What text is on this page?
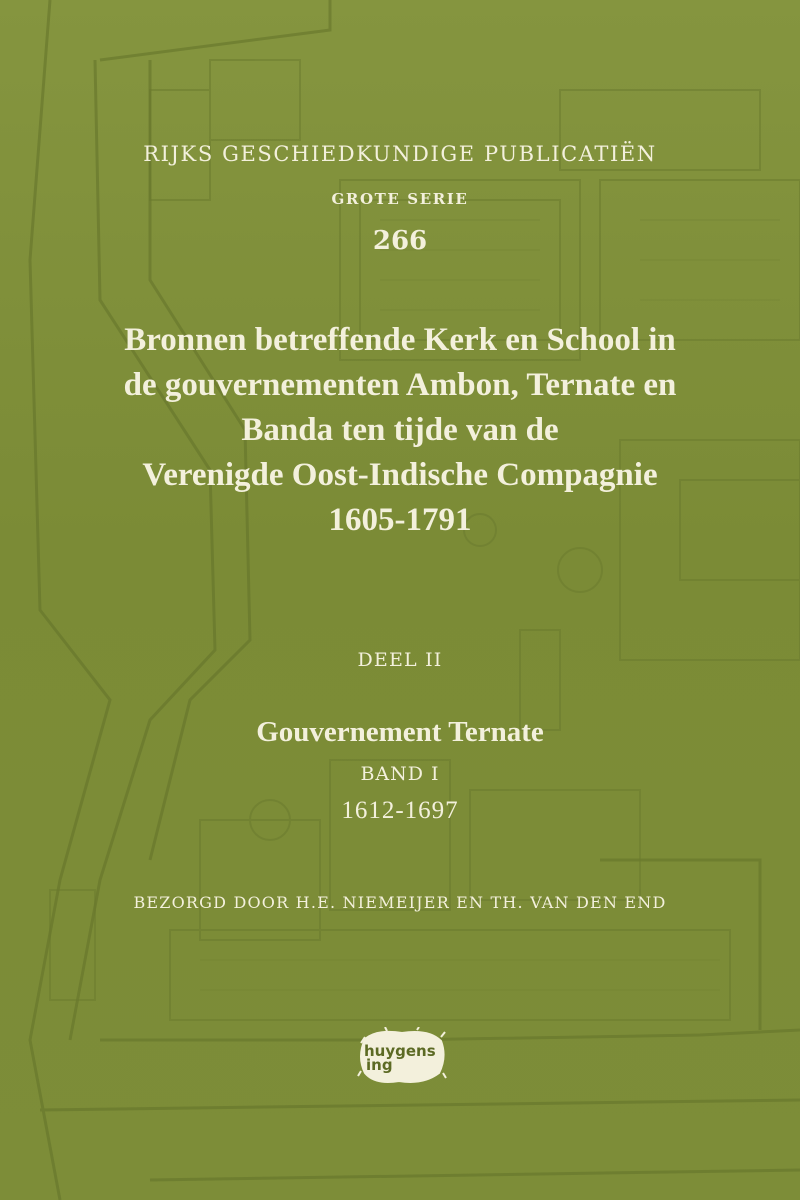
RIJKS GESCHIEDKUNDIGE PUBLICATIËN

GROTE SERIE

266

Bronnen betreffende Kerk en School in
de gouvernementen Ambon, Ternate en
Banda ten tijde van de
Verenigde Oost-Indische Compagnie
1605-1791

DEEL II

Gouvernement Ternate

BAND I

1612-1697

BEZORGD DOOR H.E. NIEMEIJER EN TH. VAN DEN END

huygens
ing
